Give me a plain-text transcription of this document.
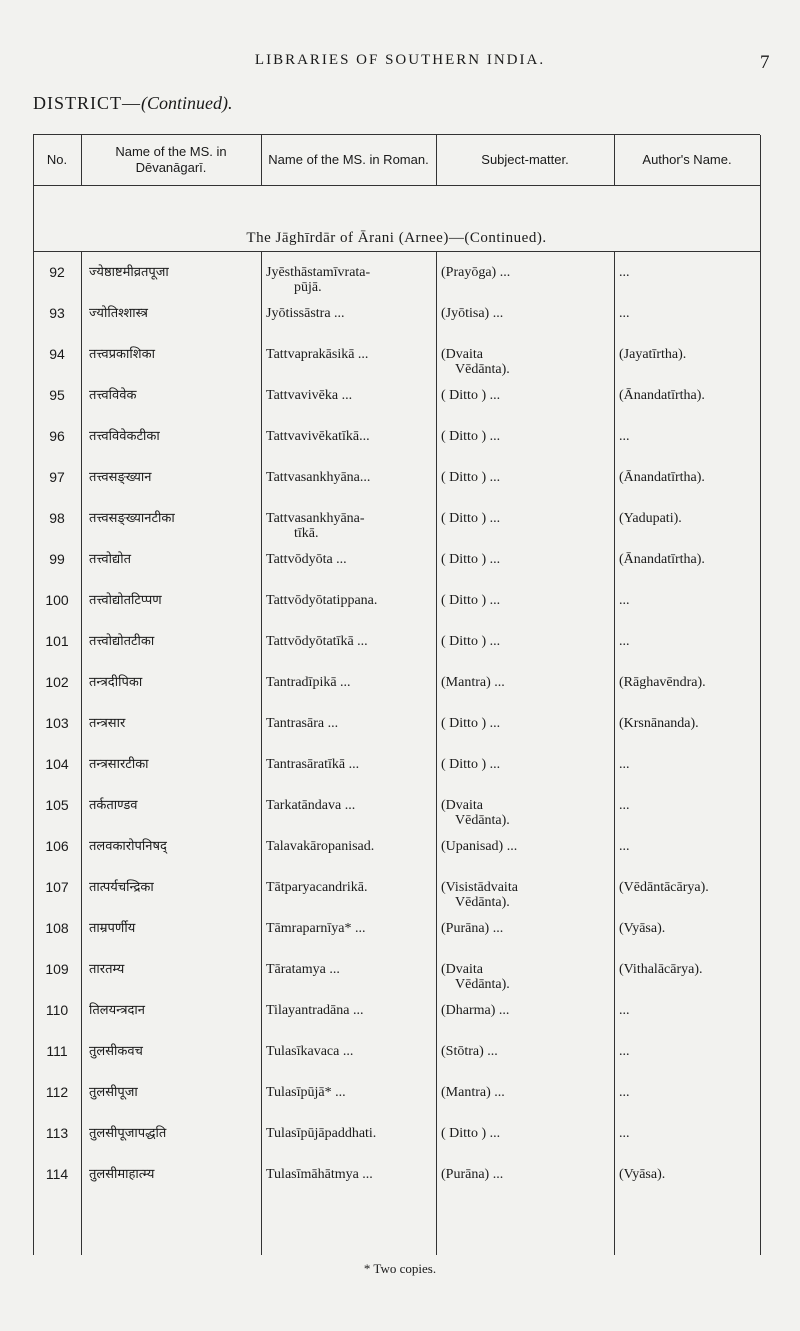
LIBRARIES OF SOUTHERN INDIA.	7
DISTRICT—(Continued).
No.
Name of the MS. in Dēvanāgarī.
Name of the MS. in Roman.	Subject-matter.	Author's Name.
The Jāghīrdār of Ārani (Arnee)—(Continued).
92	ज्येष्ठाष्टमीव्रतपूजा	Jyēsthāstamīvrata-	(Prayōga) ...	...
pūjā.
93	ज्योतिश्शास्त्र	Jyōtissāstra ...	(Jyōtisa) ...	...
94	तत्त्वप्रकाशिका	Tattvaprakāsikā ...	(Dvaita	(Jayatīrtha).
Vēdānta).
95	तत्त्वविवेक	Tattvavivēka ...	( Ditto ) ...	(Ānandatīrtha).
96	तत्त्वविवेकटीका	Tattvavivēkatīkā...	( Ditto ) ...	...
97	तत्त्वसङ्ख्यान	Tattvasankhyāna...	( Ditto ) ...	(Ānandatīrtha).
98	तत्त्वसङ्ख्यानटीका	Tattvasankhyāna-	( Ditto ) ...	(Yadupati).
tīkā.
99	तत्त्वोद्योत	Tattvōdyōta ...	( Ditto ) ...	(Ānandatīrtha).
100	तत्त्वोद्योतटिप्पण	Tattvōdyōtatippana.	( Ditto ) ...	...
101	तत्त्वोद्योतटीका	Tattvōdyōtatīkā ...	( Ditto ) ...	...
102	तन्त्रदीपिका	Tantradīpikā ...	(Mantra) ...	(Rāghavēndra).
103	तन्त्रसार	Tantrasāra ...	( Ditto ) ...	(Krsnānanda).
104	तन्त्रसारटीका	Tantrasāratīkā ...	( Ditto ) ...	...
105	तर्कताण्डव	Tarkatāndava ...	(Dvaita	...
Vēdānta).
106	तलवकारोपनिषद्	Talavakāropanisad.	(Upanisad) ...	...
107	तात्पर्यचन्द्रिका	Tātparyacandrikā.	(Visistādvaita	(Vēdāntācārya).
Vēdānta).
108	ताम्रपर्णीय	Tāmraparnīya* ...	(Purāna) ...	(Vyāsa).
109	तारतम्य	Tāratamya ...	(Dvaita	(Vithalācārya).
Vēdānta).
110	तिलयन्त्रदान	Tilayantradāna ...	(Dharma) ...	...
111	तुलसीकवच	Tulasīkavaca ...	(Stōtra) ...	...
112	तुलसीपूजा	Tulasīpūjā* ...	(Mantra) ...	...
113	तुलसीपूजापद्धति	Tulasīpūjāpaddhati.	( Ditto ) ...	...
114	तुलसीमाहात्म्य	Tulasīmāhātmya ...	(Purāna) ...	(Vyāsa).
* Two copies.
